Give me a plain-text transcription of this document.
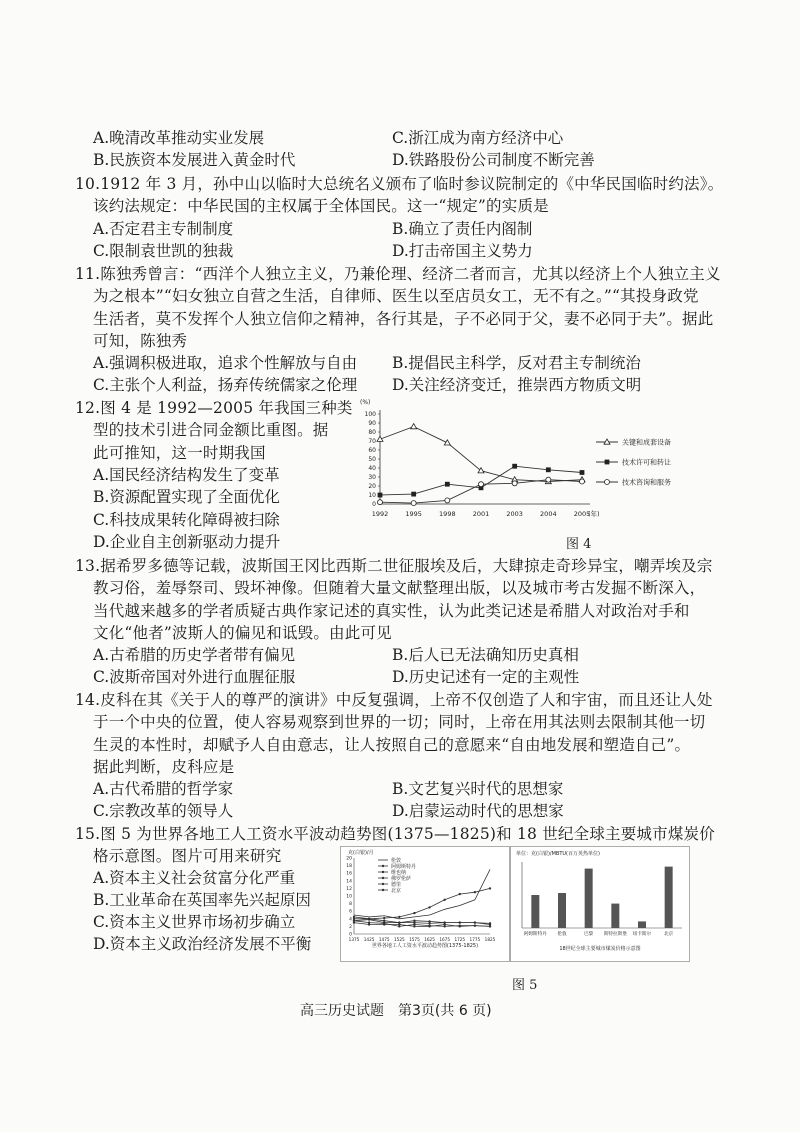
A.晚清改革推动实业发展	C.浙江成为南方经济中心
B.民族资本发展进入黄金时代	D.铁路股份公司制度不断完善
10.1912 年 3 月，孙中山以临时大总统名义颁布了临时参议院制定的《中华民国临时约法》。
该约法规定：中华民国的主权属于全体国民。这一“规定”的实质是
A.否定君主专制制度	B.确立了责任内阁制
C.限制袁世凯的独裁	D.打击帝国主义势力
11.陈独秀曾言：“西洋个人独立主义，乃兼伦理、经济二者而言，尤其以经济上个人独立主义
为之根本”“妇女独立自营之生活，自律师、医生以至店员女工，无不有之。”“其投身政党
生活者，莫不发挥个人独立信仰之精神，各行其是，子不必同于父，妻不必同于夫”。据此
可知，陈独秀
A.强调积极进取，追求个性解放与自由 B.提倡民主科学，反对君主专制统治
C.主张个人利益，扬弃传统儒家之伦理 D.关注经济变迁，推崇西方物质文明
12.图 4 是 1992—2005 年我国三种类
型的技术引进合同金额比重图。据
此可推知，这一时期我国
A.国民经济结构发生了变革
B.资源配置实现了全面优化
C.科技成果转化障碍被扫除
D.企业自主创新驱动力提升
(%)
0
10
20
30
40
50
60
70
80
90
100
1992	1995	1998	2001	2003	2004	2005
(年)
关键和成套设备
技术许可和转让
技术咨询和服务
图 4
13.据希罗多德等记载，波斯国王冈比西斯二世征服埃及后，大肆掠走奇珍异宝，嘲弄埃及宗
教习俗，羞辱祭司、毁坏神像。但随着大量文献整理出版，以及城市考古发掘不断深入，
当代越来越多的学者质疑古典作家记述的真实性，认为此类记述是希腊人对政治对手和
文化“他者”波斯人的偏见和诋毁。由此可见
A.古希腊的历史学者带有偏见	B.后人已无法确知历史真相
C.波斯帝国对外进行血腥征服	D.历史记述有一定的主观性
14.皮科在其《关于人的尊严的演讲》中反复强调，上帝不仅创造了人和宇宙，而且还让人处
于一个中央的位置，使人容易观察到世界的一切；同时，上帝在用其法则去限制其他一切
生灵的本性时，却赋予人自由意志，让人按照自己的意愿来“自由地发展和塑造自己”。
据此判断，皮科应是
A.古代希腊的哲学家	B.文艺复兴时代的思想家
C.宗教改革的领导人	D.启蒙运动时代的思想家
15.图 5 为世界各地工人工资水平波动趋势图(1375—1825)和 18 世纪全球主要城市煤炭价
格示意图。图片可用来研究
A.资本主义社会贫富分化严重
B.工业革命在英国率先兴起原因
C.资本主义世界市场初步确立
D.资本主义政治经济发展不平衡
克(白银)/月
0
2
4
6
8
10
12
14
16
18
20
1375 1425 1475 1525 1575 1625 1675 1725 1775 1825
世界各地工人工资水平波动趋势图(1375-1825)
伦敦
阿姆斯特丹
维也纳
佛罗伦萨
德里
北京
单位：克(白银)/MBTU(百万英热单位)
阿姆斯特丹 伦敦	巴黎 斯特拉斯堡 纽卡斯尔	北京
18世纪全球主要城市煤炭价格示意图
图 5
高三历史试题　第3页(共 6 页)
